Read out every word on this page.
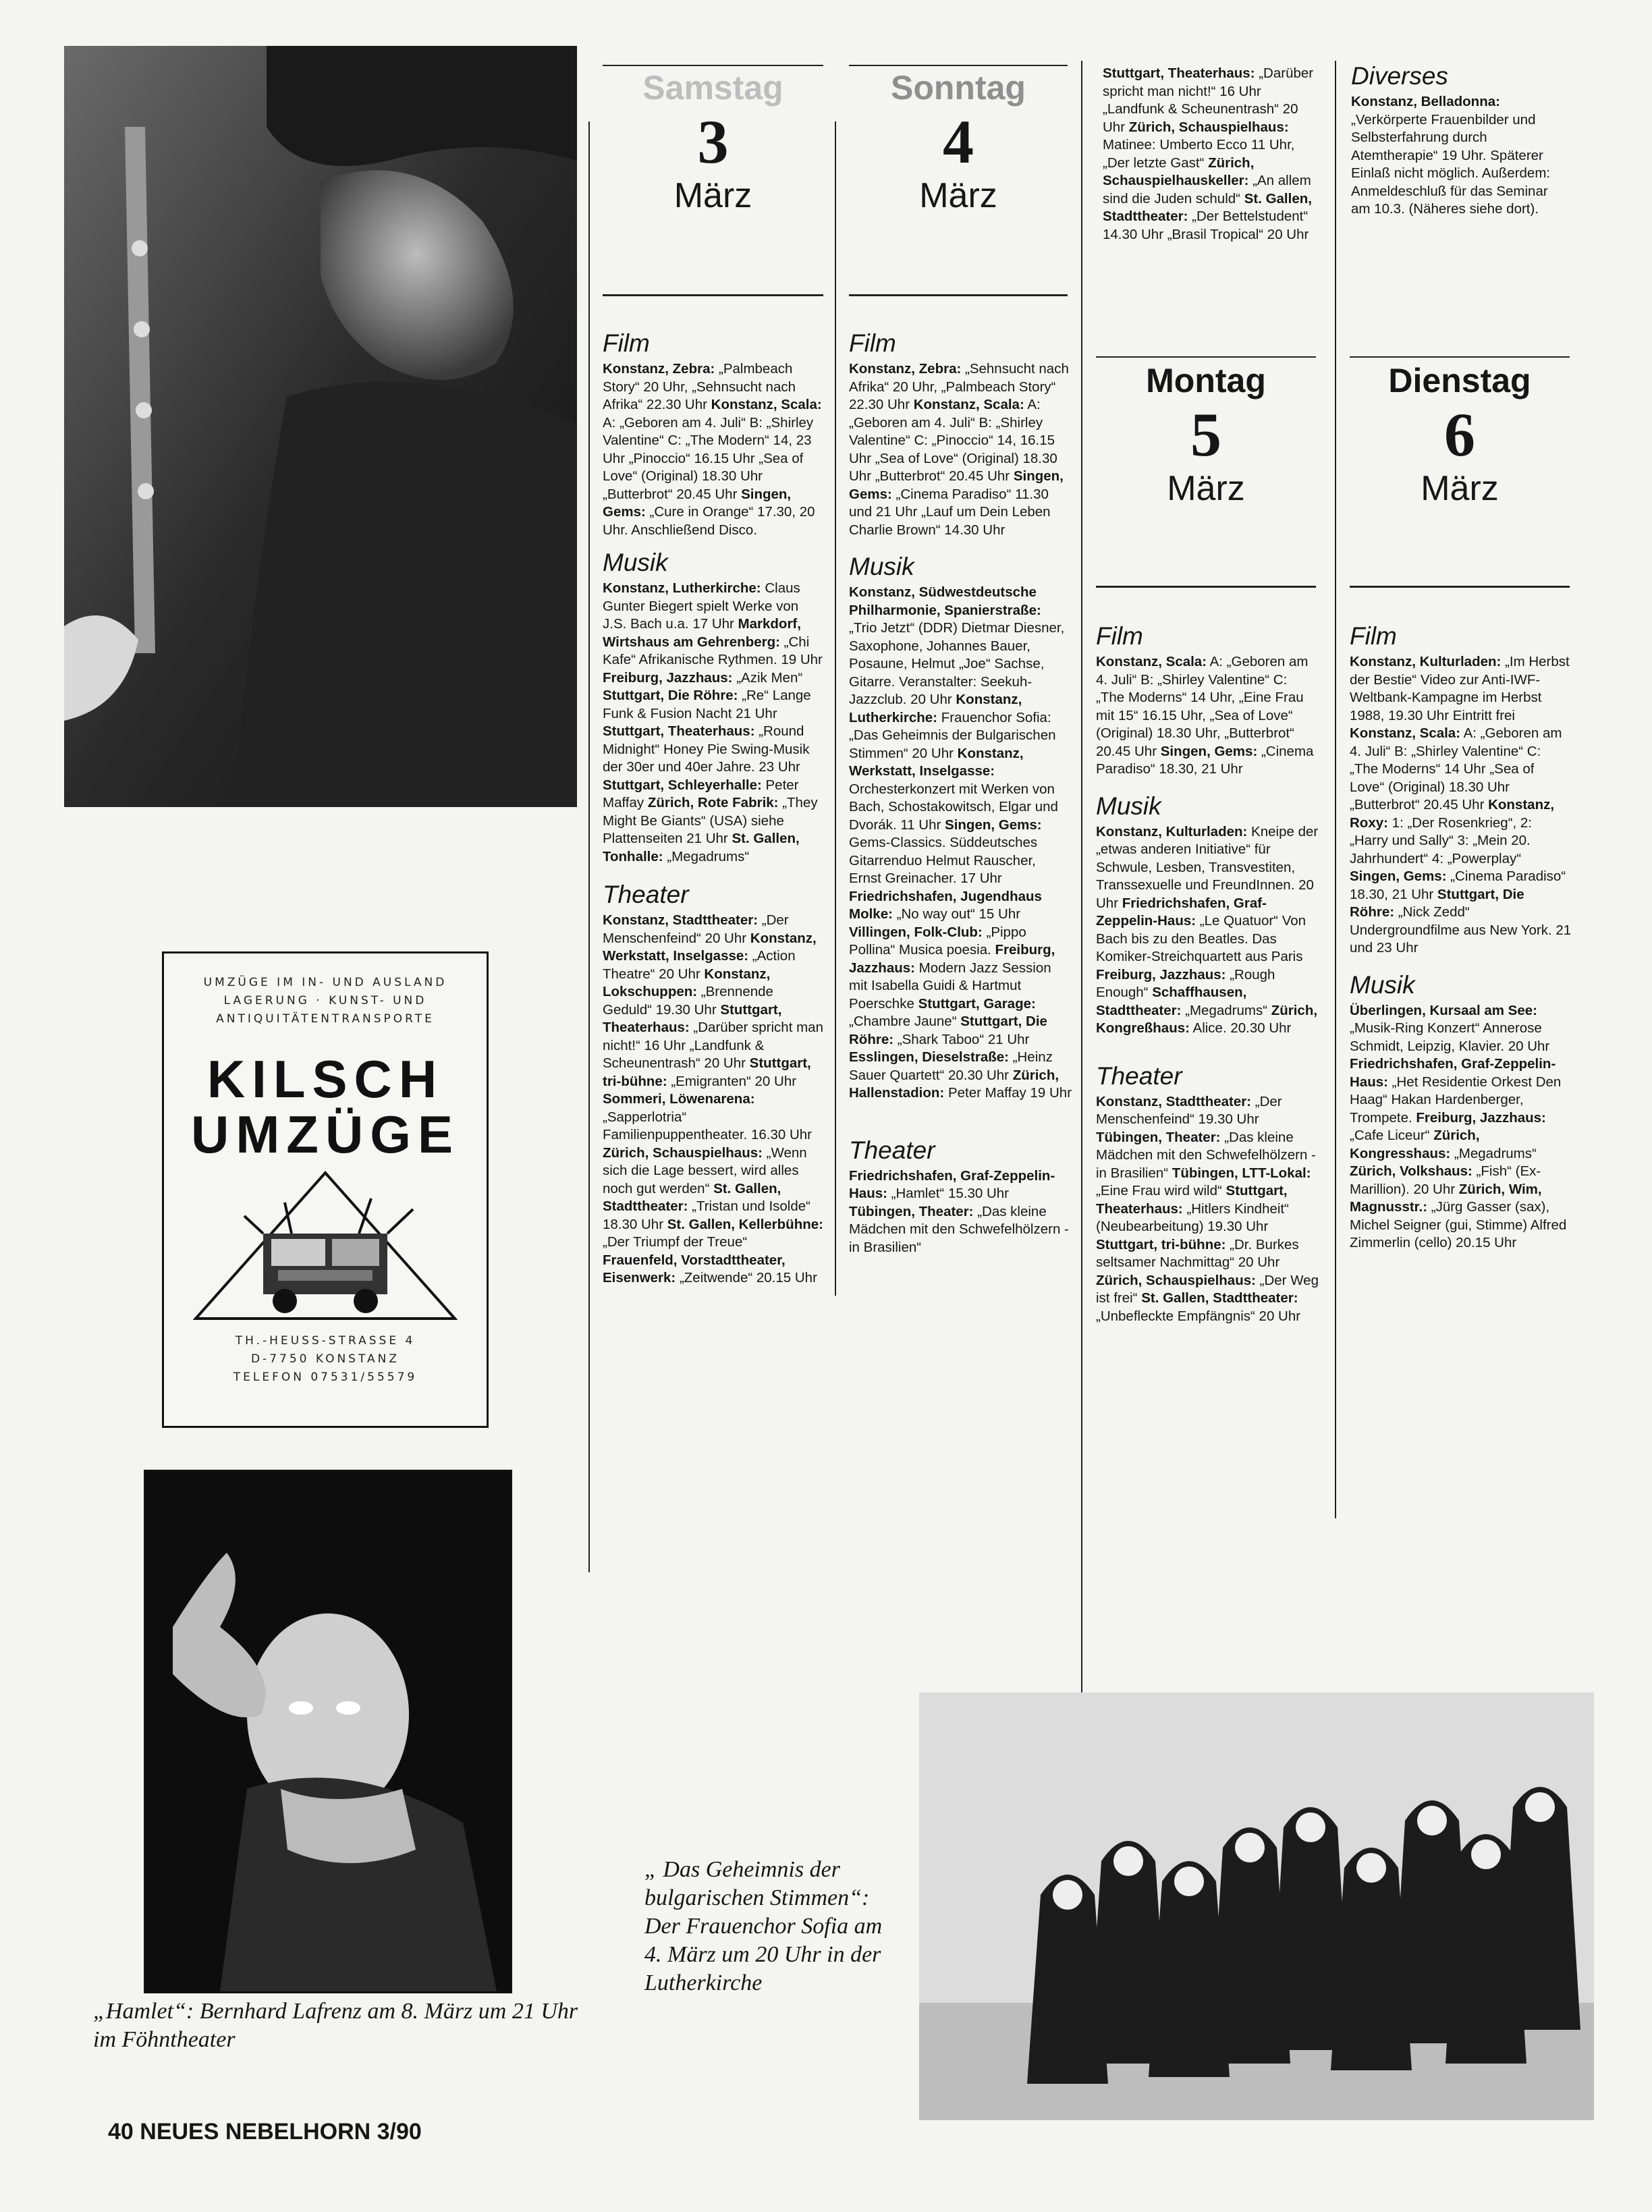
Samstag
3
März
Sonntag
4
März
Montag
5
März
Dienstag
6
März
Film

Konstanz, Zebra: „Palmbeach Story“ 20 Uhr, „Sehnsucht nach Afrika“ 22.30 Uhr Konstanz, Scala: A: „Geboren am 4. Juli“ B: „Shirley Valentine“ C: „The Modern“ 14, 23 Uhr „Pinoccio“ 16.15 Uhr „Sea of Love“ (Original) 18.30 Uhr „Butterbrot“ 20.45 Uhr Singen, Gems: „Cure in Orange“ 17.30, 20 Uhr. Anschließend Disco.

Musik

Konstanz, Lutherkirche: Claus Gunter Biegert spielt Werke von J.S. Bach u.a. 17 Uhr Markdorf, Wirtshaus am Gehrenberg: „Chi Kafe“ Afrikanische Rythmen. 19 Uhr Freiburg, Jazzhaus: „Azik Men“ Stuttgart, Die Röhre: „Re“ Lange Funk & Fusion Nacht 21 Uhr Stuttgart, Theaterhaus: „Round Midnight“ Honey Pie Swing-Musik der 30er und 40er Jahre. 23 Uhr Stuttgart, Schleyerhalle: Peter Maffay Zürich, Rote Fabrik: „They Might Be Giants“ (USA) siehe Plattenseiten 21 Uhr St. Gallen, Tonhalle: „Megadrums“

Theater

Konstanz, Stadttheater: „Der Menschenfeind“ 20 Uhr Konstanz, Werkstatt, Inselgasse: „Action Theatre“ 20 Uhr Konstanz, Lokschuppen: „Brennende Geduld“ 19.30 Uhr Stuttgart, Theaterhaus: „Darüber spricht man nicht!“ 16 Uhr „Landfunk & Scheunentrash“ 20 Uhr Stuttgart, tri-bühne: „Emigranten“ 20 Uhr Sommeri, Löwenarena: „Sapperlotria“ Familienpuppentheater. 16.30 Uhr Zürich, Schauspielhaus: „Wenn sich die Lage bessert, wird alles noch gut werden“ St. Gallen, Stadttheater: „Tristan und Isolde“ 18.30 Uhr St. Gallen, Kellerbühne: „Der Triumpf der Treue“ Frauenfeld, Vorstadttheater, Eisenwerk: „Zeitwende“ 20.15 Uhr

Film

Konstanz, Zebra: „Sehnsucht nach Afrika“ 20 Uhr, „Palmbeach Story“ 22.30 Uhr Konstanz, Scala: A: „Geboren am 4. Juli“ B: „Shirley Valentine“ C: „Pinoccio“ 14, 16.15 Uhr „Sea of Love“ (Original) 18.30 Uhr „Butterbrot“ 20.45 Uhr Singen, Gems: „Cinema Paradiso“ 11.30 und 21 Uhr „Lauf um Dein Leben Charlie Brown“ 14.30 Uhr

Musik

Konstanz, Südwestdeutsche Philharmonie, Spanierstraße: „Trio Jetzt“ (DDR) Dietmar Diesner, Saxophone, Johannes Bauer, Posaune, Helmut „Joe“ Sachse, Gitarre. Veranstalter: Seekuh-Jazzclub. 20 Uhr Konstanz, Lutherkirche: Frauenchor Sofia: „Das Geheimnis der Bulgarischen Stimmen“ 20 Uhr Konstanz, Werkstatt, Inselgasse: Orchesterkonzert mit Werken von Bach, Schostakowitsch, Elgar und Dvorák. 11 Uhr Singen, Gems: Gems-Classics. Süddeutsches Gitarrenduo Helmut Rauscher, Ernst Greinacher. 17 Uhr Friedrichshafen, Jugendhaus Molke: „No way out“ 15 Uhr Villingen, Folk-Club: „Pippo Pollina“ Musica poesia. Freiburg, Jazzhaus: Modern Jazz Session mit Isabella Guidi & Hartmut Poerschke Stuttgart, Garage: „Chambre Jaune“ Stuttgart, Die Röhre: „Shark Taboo“ 21 Uhr Esslingen, Dieselstraße: „Heinz Sauer Quartett“ 20.30 Uhr Zürich, Hallenstadion: Peter Maffay 19 Uhr

Theater

Friedrichshafen, Graf-Zeppelin-Haus: „Hamlet“ 15.30 Uhr Tübingen, Theater: „Das kleine Mädchen mit den Schwefelhölzern - in Brasilien“

Stuttgart, Theaterhaus: „Darüber spricht man nicht!“ 16 Uhr „Landfunk & Scheunentrash“ 20 Uhr Zürich, Schauspielhaus: Matinee: Umberto Ecco 11 Uhr, „Der letzte Gast“ Zürich, Schauspielhauskeller: „An allem sind die Juden schuld“ St. Gallen, Stadttheater: „Der Bettelstudent“ 14.30 Uhr „Brasil Tropical“ 20 Uhr

Diverses

Konstanz, Belladonna: „Verkörperte Frauenbilder und Selbsterfahrung durch Atemtherapie“ 19 Uhr. Späterer Einlaß nicht möglich. Außerdem: Anmeldeschluß für das Seminar am 10.3. (Näheres siehe dort).

Film

Konstanz, Scala: A: „Geboren am 4. Juli“ B: „Shirley Valentine“ C: „The Moderns“ 14 Uhr, „Eine Frau mit 15“ 16.15 Uhr, „Sea of Love“ (Original) 18.30 Uhr, „Butterbrot“ 20.45 Uhr Singen, Gems: „Cinema Paradiso“ 18.30, 21 Uhr

Musik

Konstanz, Kulturladen: Kneipe der „etwas anderen Initiative“ für Schwule, Lesben, Transvestiten, Transsexuelle und FreundInnen. 20 Uhr Friedrichshafen, Graf-Zeppelin-Haus: „Le Quatuor“ Von Bach bis zu den Beatles. Das Komiker-Streichquartett aus Paris Freiburg, Jazzhaus: „Rough Enough“ Schaffhausen, Stadttheater: „Megadrums“ Zürich, Kongreßhaus: Alice. 20.30 Uhr

Theater

Konstanz, Stadttheater: „Der Menschenfeind“ 19.30 Uhr Tübingen, Theater: „Das kleine Mädchen mit den Schwefelhölzern - in Brasilien“ Tübingen, LTT-Lokal: „Eine Frau wird wild“ Stuttgart, Theaterhaus: „Hitlers Kindheit“ (Neubearbeitung) 19.30 Uhr Stuttgart, tri-bühne: „Dr. Burkes seltsamer Nachmittag“ 20 Uhr Zürich, Schauspielhaus: „Der Weg ist frei“ St. Gallen, Stadttheater: „Unbefleckte Empfängnis“ 20 Uhr

Film

Konstanz, Kulturladen: „Im Herbst der Bestie“ Video zur Anti-IWF-Weltbank-Kampagne im Herbst 1988, 19.30 Uhr Eintritt frei Konstanz, Scala: A: „Geboren am 4. Juli“ B: „Shirley Valentine“ C: „The Moderns“ 14 Uhr „Sea of Love“ (Original) 18.30 Uhr „Butterbrot“ 20.45 Uhr Konstanz, Roxy: 1: „Der Rosenkrieg“, 2: „Harry und Sally“ 3: „Mein 20. Jahrhundert“ 4: „Powerplay“ Singen, Gems: „Cinema Paradiso“ 18.30, 21 Uhr Stuttgart, Die Röhre: „Nick Zedd“ Undergroundfilme aus New York. 21 und 23 Uhr

Musik

Überlingen, Kursaal am See: „Musik-Ring Konzert“ Annerose Schmidt, Leipzig, Klavier. 20 Uhr Friedrichshafen, Graf-Zeppelin-Haus: „Het Residentie Orkest Den Haag“ Hakan Hardenberger, Trompete. Freiburg, Jazzhaus: „Cafe Liceur“ Zürich, Kongresshaus: „Megadrums“ Zürich, Volkshaus: „Fish“ (Ex-Marillion). 20 Uhr Zürich, Wim, Magnusstr.: „Jürg Gasser (sax), Michel Seigner (gui, Stimme) Alfred Zimmerlin (cello) 20.15 Uhr

UMZÜGE IM IN- UND AUSLAND
LAGERUNG · KUNST- UND
ANTIQUITÄTENTRANSPORTE
KILSCH
UMZÜGE
TH.-HEUSS-STRASSE 4
D-7750 KONSTANZ
TELEFON 07531/55579
„Hamlet“: Bernhard Lafrenz am 8. März um 21 Uhr im Föhntheater
„ Das Geheimnis der bulgarischen Stimmen“: Der Frauenchor Sofia am 4. März um 20 Uhr in der Lutherkirche
40 NEUES NEBELHORN 3/90
